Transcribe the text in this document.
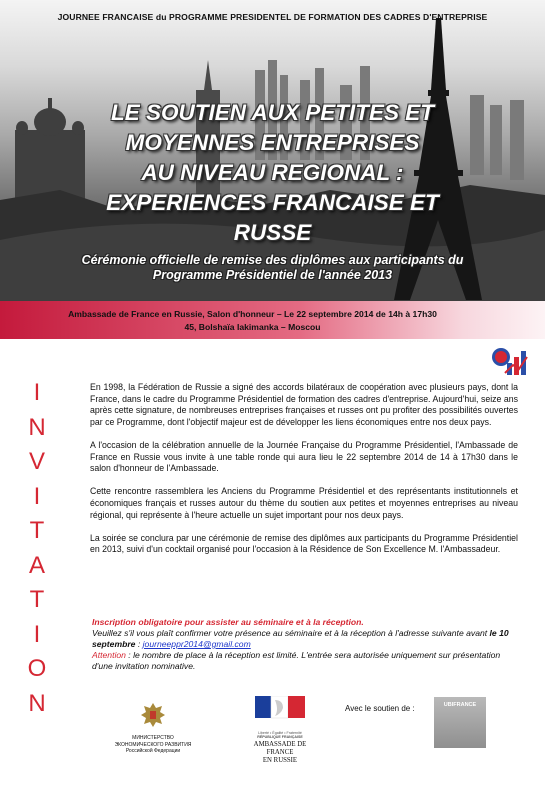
JOURNEE FRANCAISE du PROGRAMME PRESIDENTEL DE FORMATION DES CADRES D'ENTREPRISE
LE SOUTIEN AUX PETITES ET
MOYENNES ENTREPRISES
AU NIVEAU REGIONAL :
EXPERIENCES FRANCAISE ET
RUSSE
Cérémonie officielle de remise des diplômes aux participants du
Programme Présidentiel de l'année 2013
Ambassade de France en Russie, Salon d'honneur – Le 22 septembre 2014 de 14h à 17h30
45, Bolshaïa Iakimanka – Moscou
I
N
V
I
T
A
T
I
O
N

En 1998, la Fédération de Russie a signé des accords bilatéraux de coopération avec plusieurs pays, dont la France, dans le cadre du Programme Présidentiel de formation des cadres d'entreprise. Aujourd'hui, seize ans après cette signature, de nombreuses entreprises françaises et russes ont pu profiter des possibilités ouvertes par ce Programme, dont l'objectif majeur est de développer les liens économiques entre nos deux pays.

A l'occasion de la célébration annuelle de la Journée Française du Programme Présidentiel, l'Ambassade de France en Russie vous invite à une table ronde qui aura lieu le 22 septembre 2014 de 14 à 17h30 dans le salon d'honneur de l'Ambassade.

Cette rencontre rassemblera les Anciens du Programme Présidentiel et des représentants institutionnels et économiques français et russes autour du thème du soutien aux petites et moyennes entreprises au niveau régional, qui représente à l'heure actuelle un sujet important pour nos deux pays.

La soirée se conclura par une cérémonie de remise des diplômes aux participants du Programme Présidentiel en 2013, suivi d'un cocktail organisé pour l'occasion à la Résidence de Son Excellence M. l'Ambassadeur.

Inscription obligatoire pour assister au séminaire et à la réception.
Veuillez s'il vous plaît confirmer votre présence au séminaire et à la réception à l'adresse suivante avant le 10 septembre : journeeppr2014@gmail.com
Attention : le nombre de place à la réception est limité. L'entrée sera autorisée uniquement sur présentation d'une invitation nominative.
МИНИСТЕРСТВО ЭКОНОМИЧЕСКОГО РАЗВИТИЯ
Российской Федерации
Liberté • Égalité • Fraternité
RÉPUBLIQUE FRANÇAISE
AMBASSADE DE FRANCE
EN RUSSIE
Avec le soutien de :	UBIFRANCE
